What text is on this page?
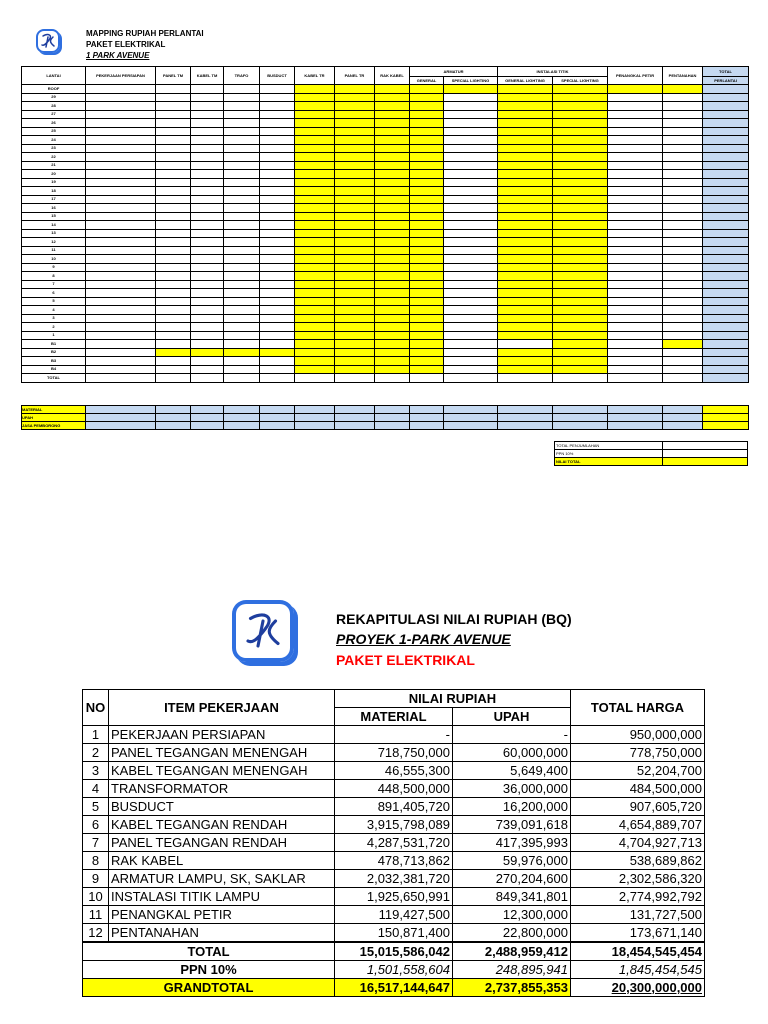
MAPPING RUPIAH PERLANTAI
PAKET ELEKTRIKAL
1 PARK AVENUE
LANTAI	PEKERJAAN PERSIAPAN	PANEL TM	KABEL TM	TRAFO	BUSDUCT	KABEL TR	PANEL TR	RAK KABEL	ARMATUR		INSTALASI TITIK		PENANGKAL PETIR	PENTANAHAN	TOTAL
									GENERAL	SPECIAL LIGHTING	GENERAL LIGHTING	SPECIAL LIGHTING			PERLANTAI
ROOF															
29															
28															
27															
26															
25															
24															
23															
22															
21															
20															
19															
18															
17															
16															
15															
14															
13															
12															
11															
10															
9															
8															
7															
6															
5															
4															
3															
2															
1															
B1															
B2															
B3															
B4															
TOTAL															
MATERIAL															
UPAH															
JASA PEMBORONG															
TOTAL PENJUMLAHAN	
PPN 10%	
NILAI TOTAL	
REKAPITULASI NILAI RUPIAH (BQ)
PROYEK 1-PARK AVENUE
PAKET ELEKTRIKAL
NO	ITEM PEKERJAAN	NILAI RUPIAH		TOTAL HARGA
		MATERIAL	UPAH	
1	PEKERJAAN PERSIAPAN	-	-	950,000,000
2	PANEL TEGANGAN MENENGAH	718,750,000	60,000,000	778,750,000
3	KABEL TEGANGAN MENENGAH	46,555,300	5,649,400	52,204,700
4	TRANSFORMATOR	448,500,000	36,000,000	484,500,000
5	BUSDUCT	891,405,720	16,200,000	907,605,720
6	KABEL TEGANGAN RENDAH	3,915,798,089	739,091,618	4,654,889,707
7	PANEL TEGANGAN RENDAH	4,287,531,720	417,395,993	4,704,927,713
8	RAK KABEL	478,713,862	59,976,000	538,689,862
9	ARMATUR LAMPU, SK, SAKLAR	2,032,381,720	270,204,600	2,302,586,320
10	INSTALASI TITIK LAMPU	1,925,650,991	849,341,801	2,774,992,792
11	PENANGKAL PETIR	119,427,500	12,300,000	131,727,500
12	PENTANAHAN	150,871,400	22,800,000	173,671,140
TOTAL		15,015,586,042	2,488,959,412	18,454,545,454
PPN 10%		1,501,558,604	248,895,941	1,845,454,545
GRANDTOTAL		16,517,144,647	2,737,855,353	20,300,000,000
